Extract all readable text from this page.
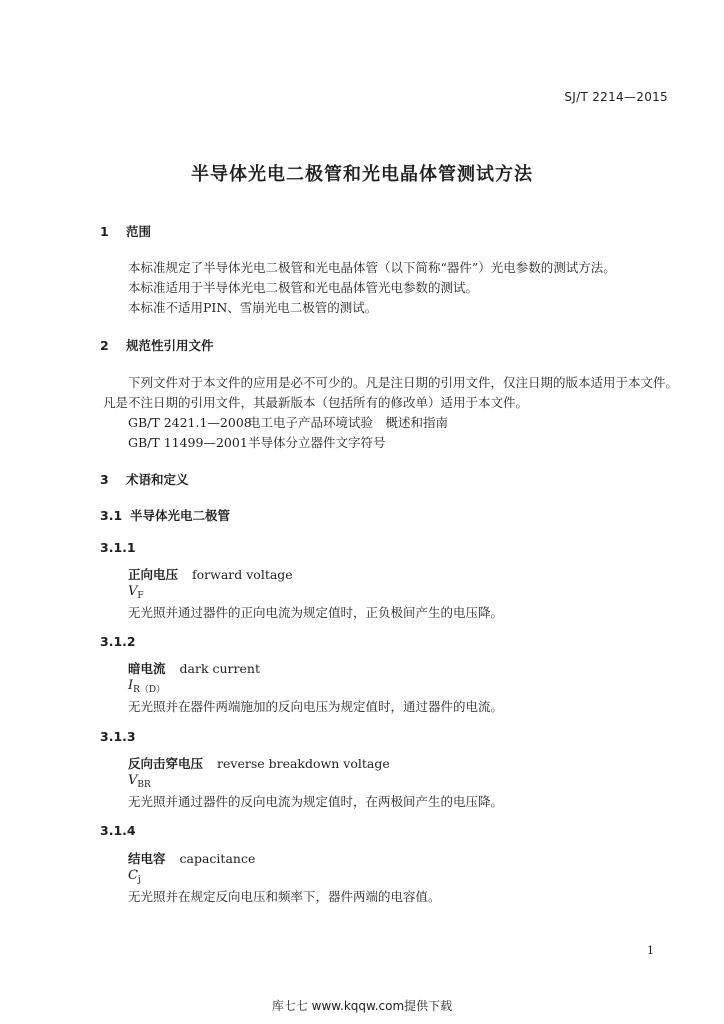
SJ/T 2214—2015
半导体光电二极管和光电晶体管测试方法
1 范围
本标准规定了半导体光电二极管和光电晶体管（以下简称“器件”）光电参数的测试方法。
本标准适用于半导体光电二极管和光电晶体管光电参数的测试。
本标准不适用PIN、雪崩光电二极管的测试。
2 规范性引用文件
下列文件对于本文件的应用是必不可少的。凡是注日期的引用文件，仅注日期的版本适用于本文件。
凡是不注日期的引用文件，其最新版本（包括所有的修改单）适用于本文件。
GB/T 2421.1—2008电工电子产品环境试验　概述和指南
GB/T 11499—2001半导体分立器件文字符号
3 术语和定义
3.1 半导体光电二极管
3.1.1
正向电压 forward voltage
$V_F$
无光照并通过器件的正向电流为规定值时，正负极间产生的电压降。
3.1.2
暗电流 dark current
$I_{R(D)}$
无光照并在器件两端施加的反向电压为规定值时，通过器件的电流。
3.1.3
反向击穿电压 reverse breakdown voltage
$V_{BR}$
无光照并通过器件的反向电流为规定值时，在两极间产生的电压降。
3.1.4
结电容 capacitance
$C_j$
无光照并在规定反向电压和频率下，器件两端的电容值。
1
库七七 www.kqqw.com提供下载
